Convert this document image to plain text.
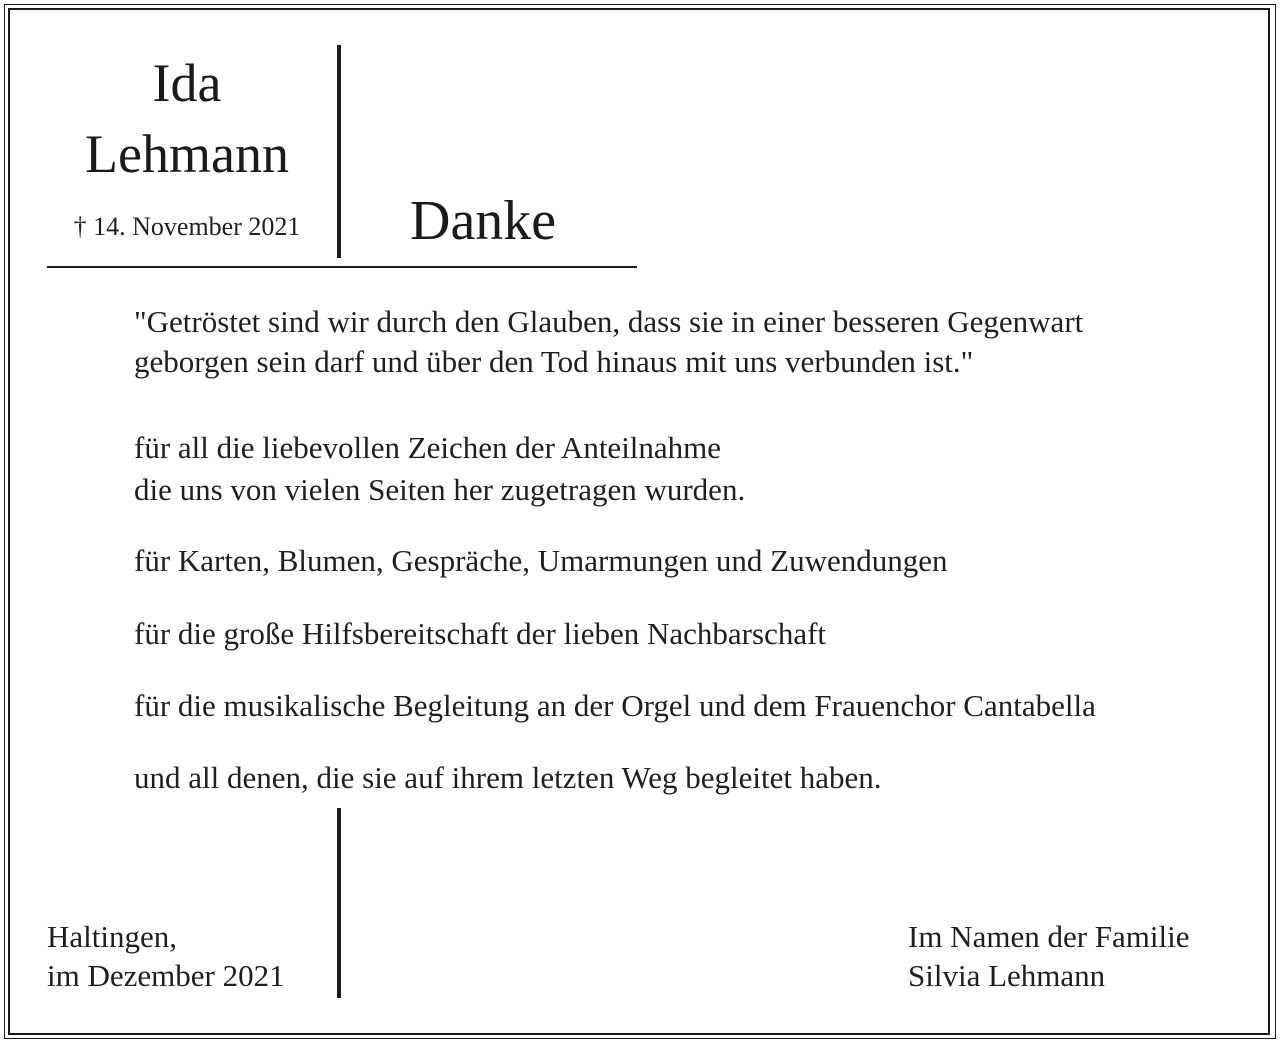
Ida
Lehmann
† 14. November 2021	Danke
"Getröstet sind wir durch den Glauben, dass sie in einer besseren Gegenwart
geborgen sein darf und über den Tod hinaus mit uns verbunden ist."
für all die liebevollen Zeichen der Anteilnahme
die uns von vielen Seiten her zugetragen wurden.
für Karten, Blumen, Gespräche, Umarmungen und Zuwendungen
für die große Hilfsbereitschaft der lieben Nachbarschaft
für die musikalische Begleitung an der Orgel und dem Frauenchor Cantabella
und all denen, die sie auf ihrem letzten Weg begleitet haben.
Haltingen,
im Dezember 2021
Im Namen der Familie
Silvia Lehmann
